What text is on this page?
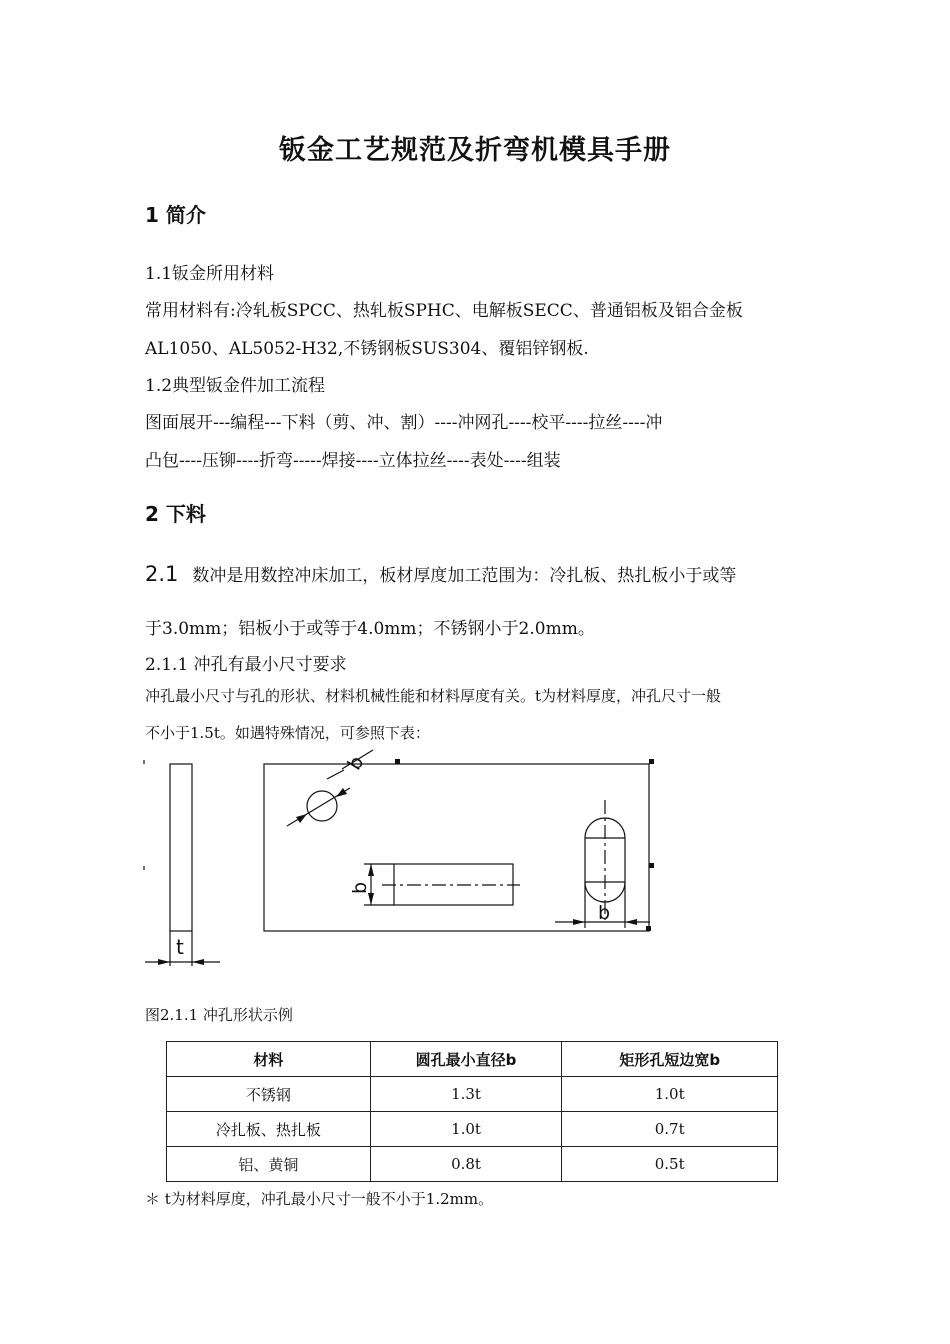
钣金工艺规范及折弯机模具手册
1 简介
1.1钣金所用材料
常用材料有:冷轧板SPCC、热轧板SPHC、电解板SECC、普通铝板及铝合金板
AL1050、AL5052-H32,不锈钢板SUS304、覆铝锌钢板.
1.2典型钣金件加工流程
图面展开---编程---下料（剪、冲、割）----冲网孔----校平----拉丝----冲
凸包----压铆----折弯-----焊接----立体拉丝----表处----组装
2 下料
2.1 数冲是用数控冲床加工，板材厚度加工范围为：冷扎板、热扎板小于或等
于3.0mm；铝板小于或等于4.0mm；不锈钢小于2.0mm。
2.1.1 冲孔有最小尺寸要求
冲孔最小尺寸与孔的形状、材料机械性能和材料厚度有关。t为材料厚度，冲孔尺寸一般
不小于1.5t。如遇特殊情况，可参照下表：
t
b
b
b
图2.1.1 冲孔形状示例
材料	圆孔最小直径b	矩形孔短边宽b
不锈钢	1.3t	1.0t
冷扎板、热扎板	1.0t	0.7t
铝、黄铜	0.8t	0.5t
＊ t为材料厚度，冲孔最小尺寸一般不小于1.2mm。
